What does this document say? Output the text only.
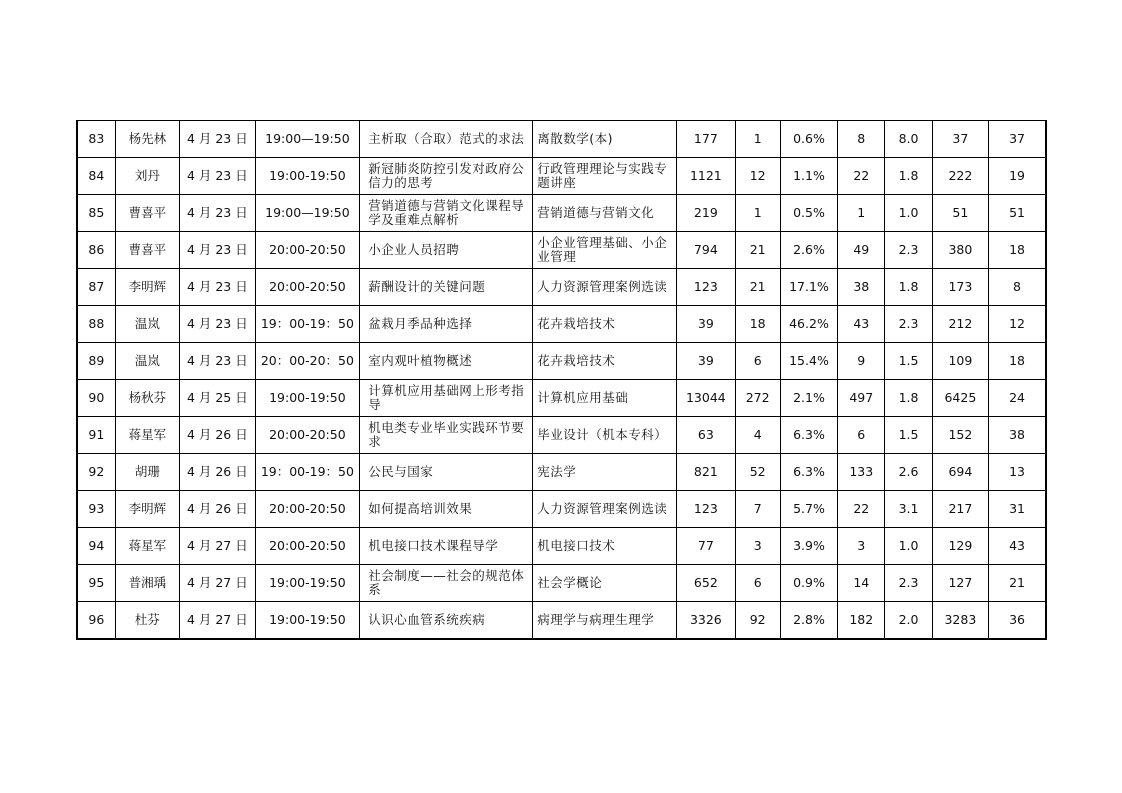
83	杨先林	4 月 23 日	19:00—19:50	主析取（合取）范式的求法	离散数学(本)	177	1	0.6%	8	8.0	37	37
84	刘丹	4 月 23 日	19:00-19:50	新冠肺炎防控引发对政府公信力的思考	行政管理理论与实践专题讲座	1121	12	1.1%	22	1.8	222	19
85	曹喜平	4 月 23 日	19:00—19:50	营销道德与营销文化课程导学及重难点解析	营销道德与营销文化	219	1	0.5%	1	1.0	51	51
86	曹喜平	4 月 23 日	20:00-20:50	小企业人员招聘	小企业管理基础、小企业管理	794	21	2.6%	49	2.3	380	18
87	李明辉	4 月 23 日	20:00-20:50	薪酬设计的关键问题	人力资源管理案例选读	123	21	17.1%	38	1.8	173	8
88	温岚	4 月 23 日	19：00-19：50	盆栽月季品种选择	花卉栽培技术	39	18	46.2%	43	2.3	212	12
89	温岚	4 月 23 日	20：00-20：50	室内观叶植物概述	花卉栽培技术	39	6	15.4%	9	1.5	109	18
90	杨秋芬	4 月 25 日	19:00-19:50	计算机应用基础网上形考指导	计算机应用基础	13044	272	2.1%	497	1.8	6425	24
91	蒋星军	4 月 26 日	20:00-20:50	机电类专业毕业实践环节要求	毕业设计（机本专科）	63	4	6.3%	6	1.5	152	38
92	胡珊	4 月 26 日	19：00-19：50	公民与国家	宪法学	821	52	6.3%	133	2.6	694	13
93	李明辉	4 月 26 日	20:00-20:50	如何提高培训效果	人力资源管理案例选读	123	7	5.7%	22	3.1	217	31
94	蒋星军	4 月 27 日	20:00-20:50	机电接口技术课程导学	机电接口技术	77	3	3.9%	3	1.0	129	43
95	普湘瑀	4 月 27 日	19:00-19:50	社会制度——社会的规范体系	社会学概论	652	6	0.9%	14	2.3	127	21
96	杜芬	4 月 27 日	19:00-19:50	认识心血管系统疾病	病理学与病理生理学	3326	92	2.8%	182	2.0	3283	36
